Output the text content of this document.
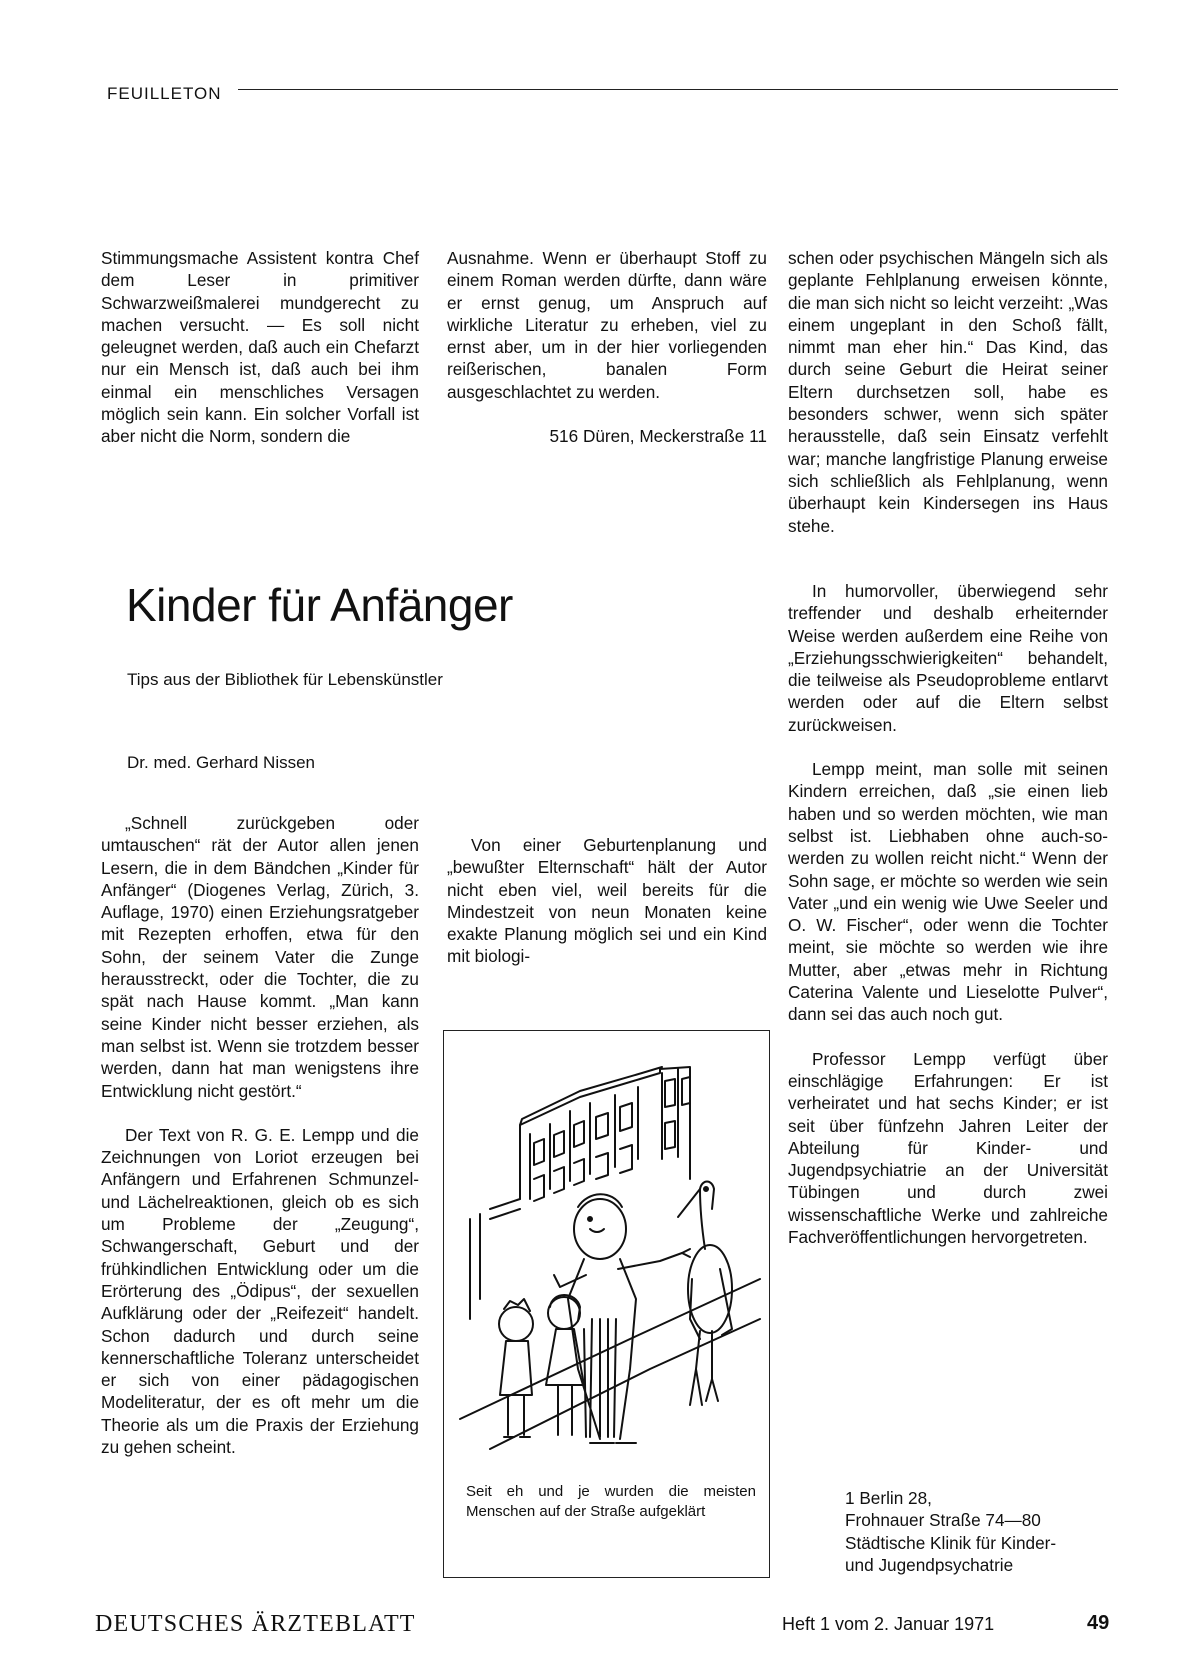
FEUILLETON

Stimmungsmache Assistent kontra Chef dem Leser in primitiver Schwarzweißmalerei mundgerecht zu machen versucht. — Es soll nicht geleugnet werden, daß auch ein Chefarzt nur ein Mensch ist, daß auch bei ihm einmal ein menschliches Versagen möglich sein kann. Ein solcher Vorfall ist aber nicht die Norm, sondern die

Ausnahme. Wenn er überhaupt Stoff zu einem Roman werden dürfte, dann wäre er ernst genug, um Anspruch auf wirkliche Literatur zu erheben, viel zu ernst aber, um in der hier vorliegenden reißerischen, banalen Form ausgeschlachtet zu werden.

516 Düren, Meckerstraße 11

Kinder für Anfänger
Tips aus der Bibliothek für Lebenskünstler
Dr. med. Gerhard Nissen

„Schnell zurückgeben oder umtauschen“ rät der Autor allen jenen Lesern, die in dem Bändchen „Kinder für Anfänger“ (Diogenes Verlag, Zürich, 3. Auflage, 1970) einen Erziehungsratgeber mit Rezepten erhoffen, etwa für den Sohn, der seinem Vater die Zunge herausstreckt, oder die Tochter, die zu spät nach Hause kommt. „Man kann seine Kinder nicht besser erziehen, als man selbst ist. Wenn sie trotzdem besser werden, dann hat man wenigstens ihre Entwicklung nicht gestört.“

Der Text von R. G. E. Lempp und die Zeichnungen von Loriot erzeugen bei Anfängern und Erfahrenen Schmunzel- und Lächelreaktionen, gleich ob es sich um Probleme der „Zeugung“, Schwangerschaft, Geburt und der frühkindlichen Entwicklung oder um die Erörterung des „Ödipus“, der sexuellen Aufklärung oder der „Reifezeit“ handelt. Schon dadurch und durch seine kennerschaftliche Toleranz unterscheidet er sich von einer pädagogischen Modeliteratur, der es oft mehr um die Theorie als um die Praxis der Erziehung zu gehen scheint.

Von einer Geburtenplanung und „bewußter Elternschaft“ hält der Autor nicht eben viel, weil bereits für die Mindestzeit von neun Monaten keine exakte Planung möglich sei und ein Kind mit biologi-

schen oder psychischen Mängeln sich als geplante Fehlplanung erweisen könnte, die man sich nicht so leicht verzeiht: „Was einem ungeplant in den Schoß fällt, nimmt man eher hin.“ Das Kind, das durch seine Geburt die Heirat seiner Eltern durchsetzen soll, habe es besonders schwer, wenn sich später herausstelle, daß sein Einsatz verfehlt war; manche langfristige Planung erweise sich schließlich als Fehlplanung, wenn überhaupt kein Kindersegen ins Haus stehe.

In humorvoller, überwiegend sehr treffender und deshalb erheiternder Weise werden außerdem eine Reihe von „Erziehungsschwierigkeiten“ behandelt, die teilweise als Pseudoprobleme entlarvt werden oder auf die Eltern selbst zurückweisen.

Lempp meint, man solle mit seinen Kindern erreichen, daß „sie einen lieb haben und so werden möchten, wie man selbst ist. Liebhaben ohne auch-so-werden zu wollen reicht nicht.“ Wenn der Sohn sage, er möchte so werden wie sein Vater „und ein wenig wie Uwe Seeler und O. W. Fischer“, oder wenn die Tochter meint, sie möchte so werden wie ihre Mutter, aber „etwas mehr in Richtung Caterina Valente und Lieselotte Pulver“, dann sei das auch noch gut.

Professor Lempp verfügt über einschlägige Erfahrungen: Er ist verheiratet und hat sechs Kinder; er ist seit über fünfzehn Jahren Leiter der Abteilung für Kinder- und Jugendpsychiatrie an der Universität Tübingen und durch zwei wissenschaftliche Werke und zahlreiche Fachveröffentlichungen hervorgetreten.

Seit eh und je wurden die meisten Menschen auf der Straße aufgeklärt
1 Berlin 28,
Frohnauer Straße 74—80
Städtische Klinik für Kinder-
und Jugendpsychatrie
DEUTSCHES ÄRZTEBLATT	Heft 1 vom 2. Januar 1971	49
